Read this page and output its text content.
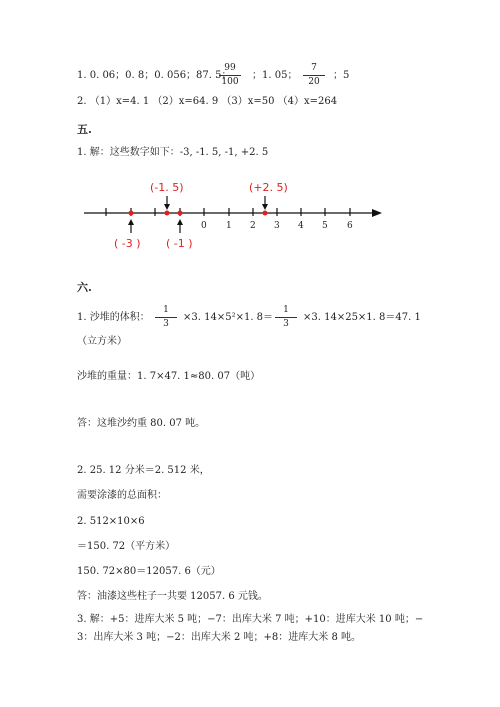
1. 0. 06；0. 8；0. 056；87. 5；
99
100
；1. 05；
7
20
；5
2. （1）x=4. 1 （2）x=64. 9 （3）x=50 （4）x=264
五.
1. 解：这些数字如下：-3, -1. 5, -1, +2. 5
(-1. 5)	(+2. 5)
( -3 ) ( -1 )
0 1 2 3 4 5 6
六.
1. 沙堆的体积：
1
3
×3. 14×5²×1. 8＝
1
3
×3. 14×25×1. 8＝47. 1
（立方米）
沙堆的重量：1. 7×47. 1≈80. 07（吨）
答：这堆沙约重 80. 07 吨。
2. 25. 12 分米＝2. 512 米，
需要涂漆的总面积：
2. 512×10×6
＝150. 72（平方米）
150. 72×80＝12057. 6（元）
答：油漆这些柱子一共要 12057. 6 元钱。
3. 解：+5：进库大米 5 吨；−7：出库大米 7 吨；+10：进库大米 10 吨；−
3：出库大米 3 吨；−2：出库大米 2 吨；+8：进库大米 8 吨。
